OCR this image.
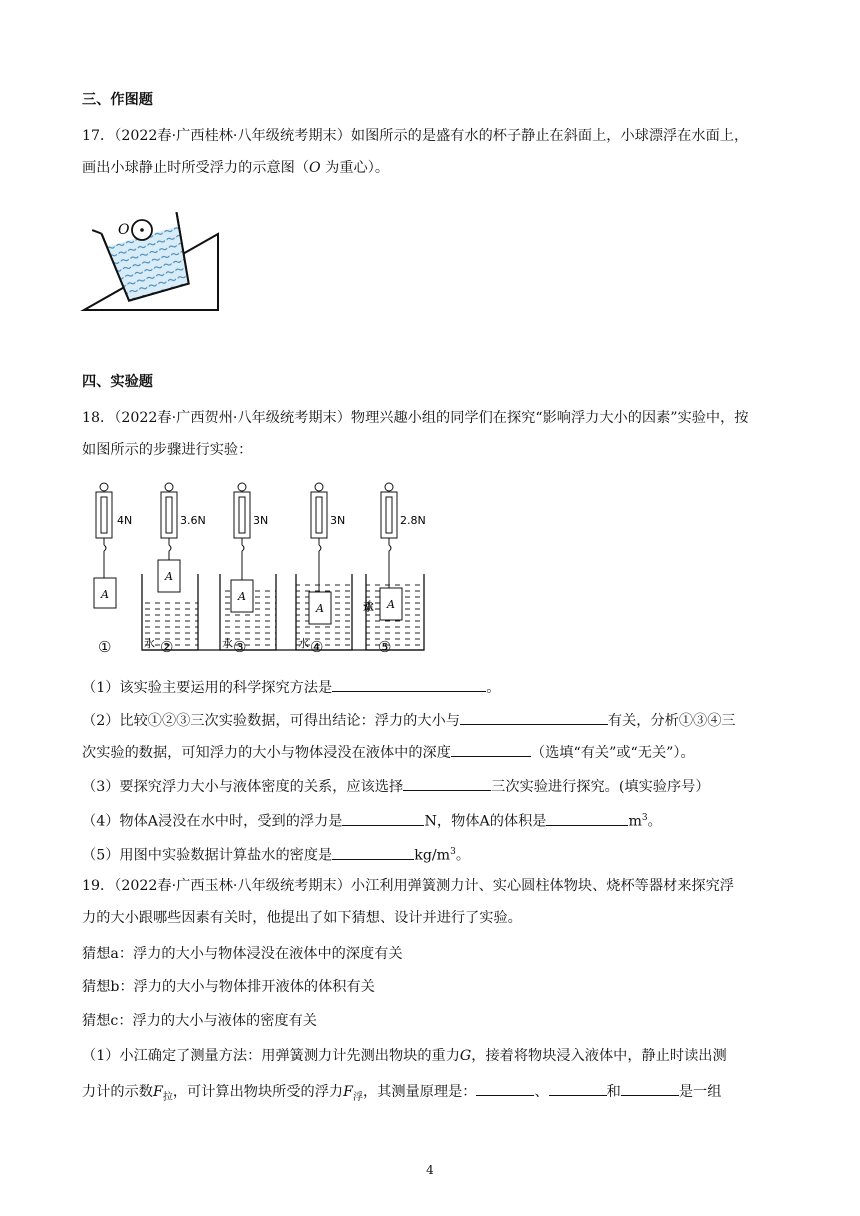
三、作图题
17．（2022春·广西桂林·八年级统考期末）如图所示的是盛有水的杯子静止在斜面上，小球漂浮在水面上，
画出小球静止时所受浮力的示意图（O 为重心）。
O
四、实验题
18．（2022春·广西贺州·八年级统考期末）物理兴趣小组的同学们在探究“影响浮力大小的因素”实验中，按
如图所示的步骤进行实验：
A
4N
A
水
3.6N
A
水
3N
A
水
3N
A
盐水
2.8N
①	②	③	④	⑤
（1）该实验主要运用的科学探究方法是	。
（2）比较①②③三次实验数据，可得出结论：浮力的大小与	有关，分析①③④三
次实验的数据，可知浮力的大小与物体浸没在液体中的深度	（选填“有关”或“无关”）。
（3）要探究浮力大小与液体密度的关系，应该选择	三次实验进行探究。(填实验序号）
（4）物体A浸没在水中时，受到的浮力是	N，物体A的体积是	$m^3$。
（5）用图中实验数据计算盐水的密度是	$kg/m^3$。
19．（2022春·广西玉林·八年级统考期末）小江利用弹簧测力计、实心圆柱体物块、烧杯等器材来探究浮
力的大小跟哪些因素有关时，他提出了如下猜想、设计并进行了实验。
猜想a：浮力的大小与物体浸没在液体中的深度有关
猜想b：浮力的大小与物体排开液体的体积有关
猜想c：浮力的大小与液体的密度有关
（1）小江确定了测量方法：用弹簧测力计先测出物块的重力G，接着将物块浸入液体中，静止时读出测
力计的示数$F_拉$，可计算出物块所受的浮力$F_浮$，其测量原理是：	、	和	是一组
4
